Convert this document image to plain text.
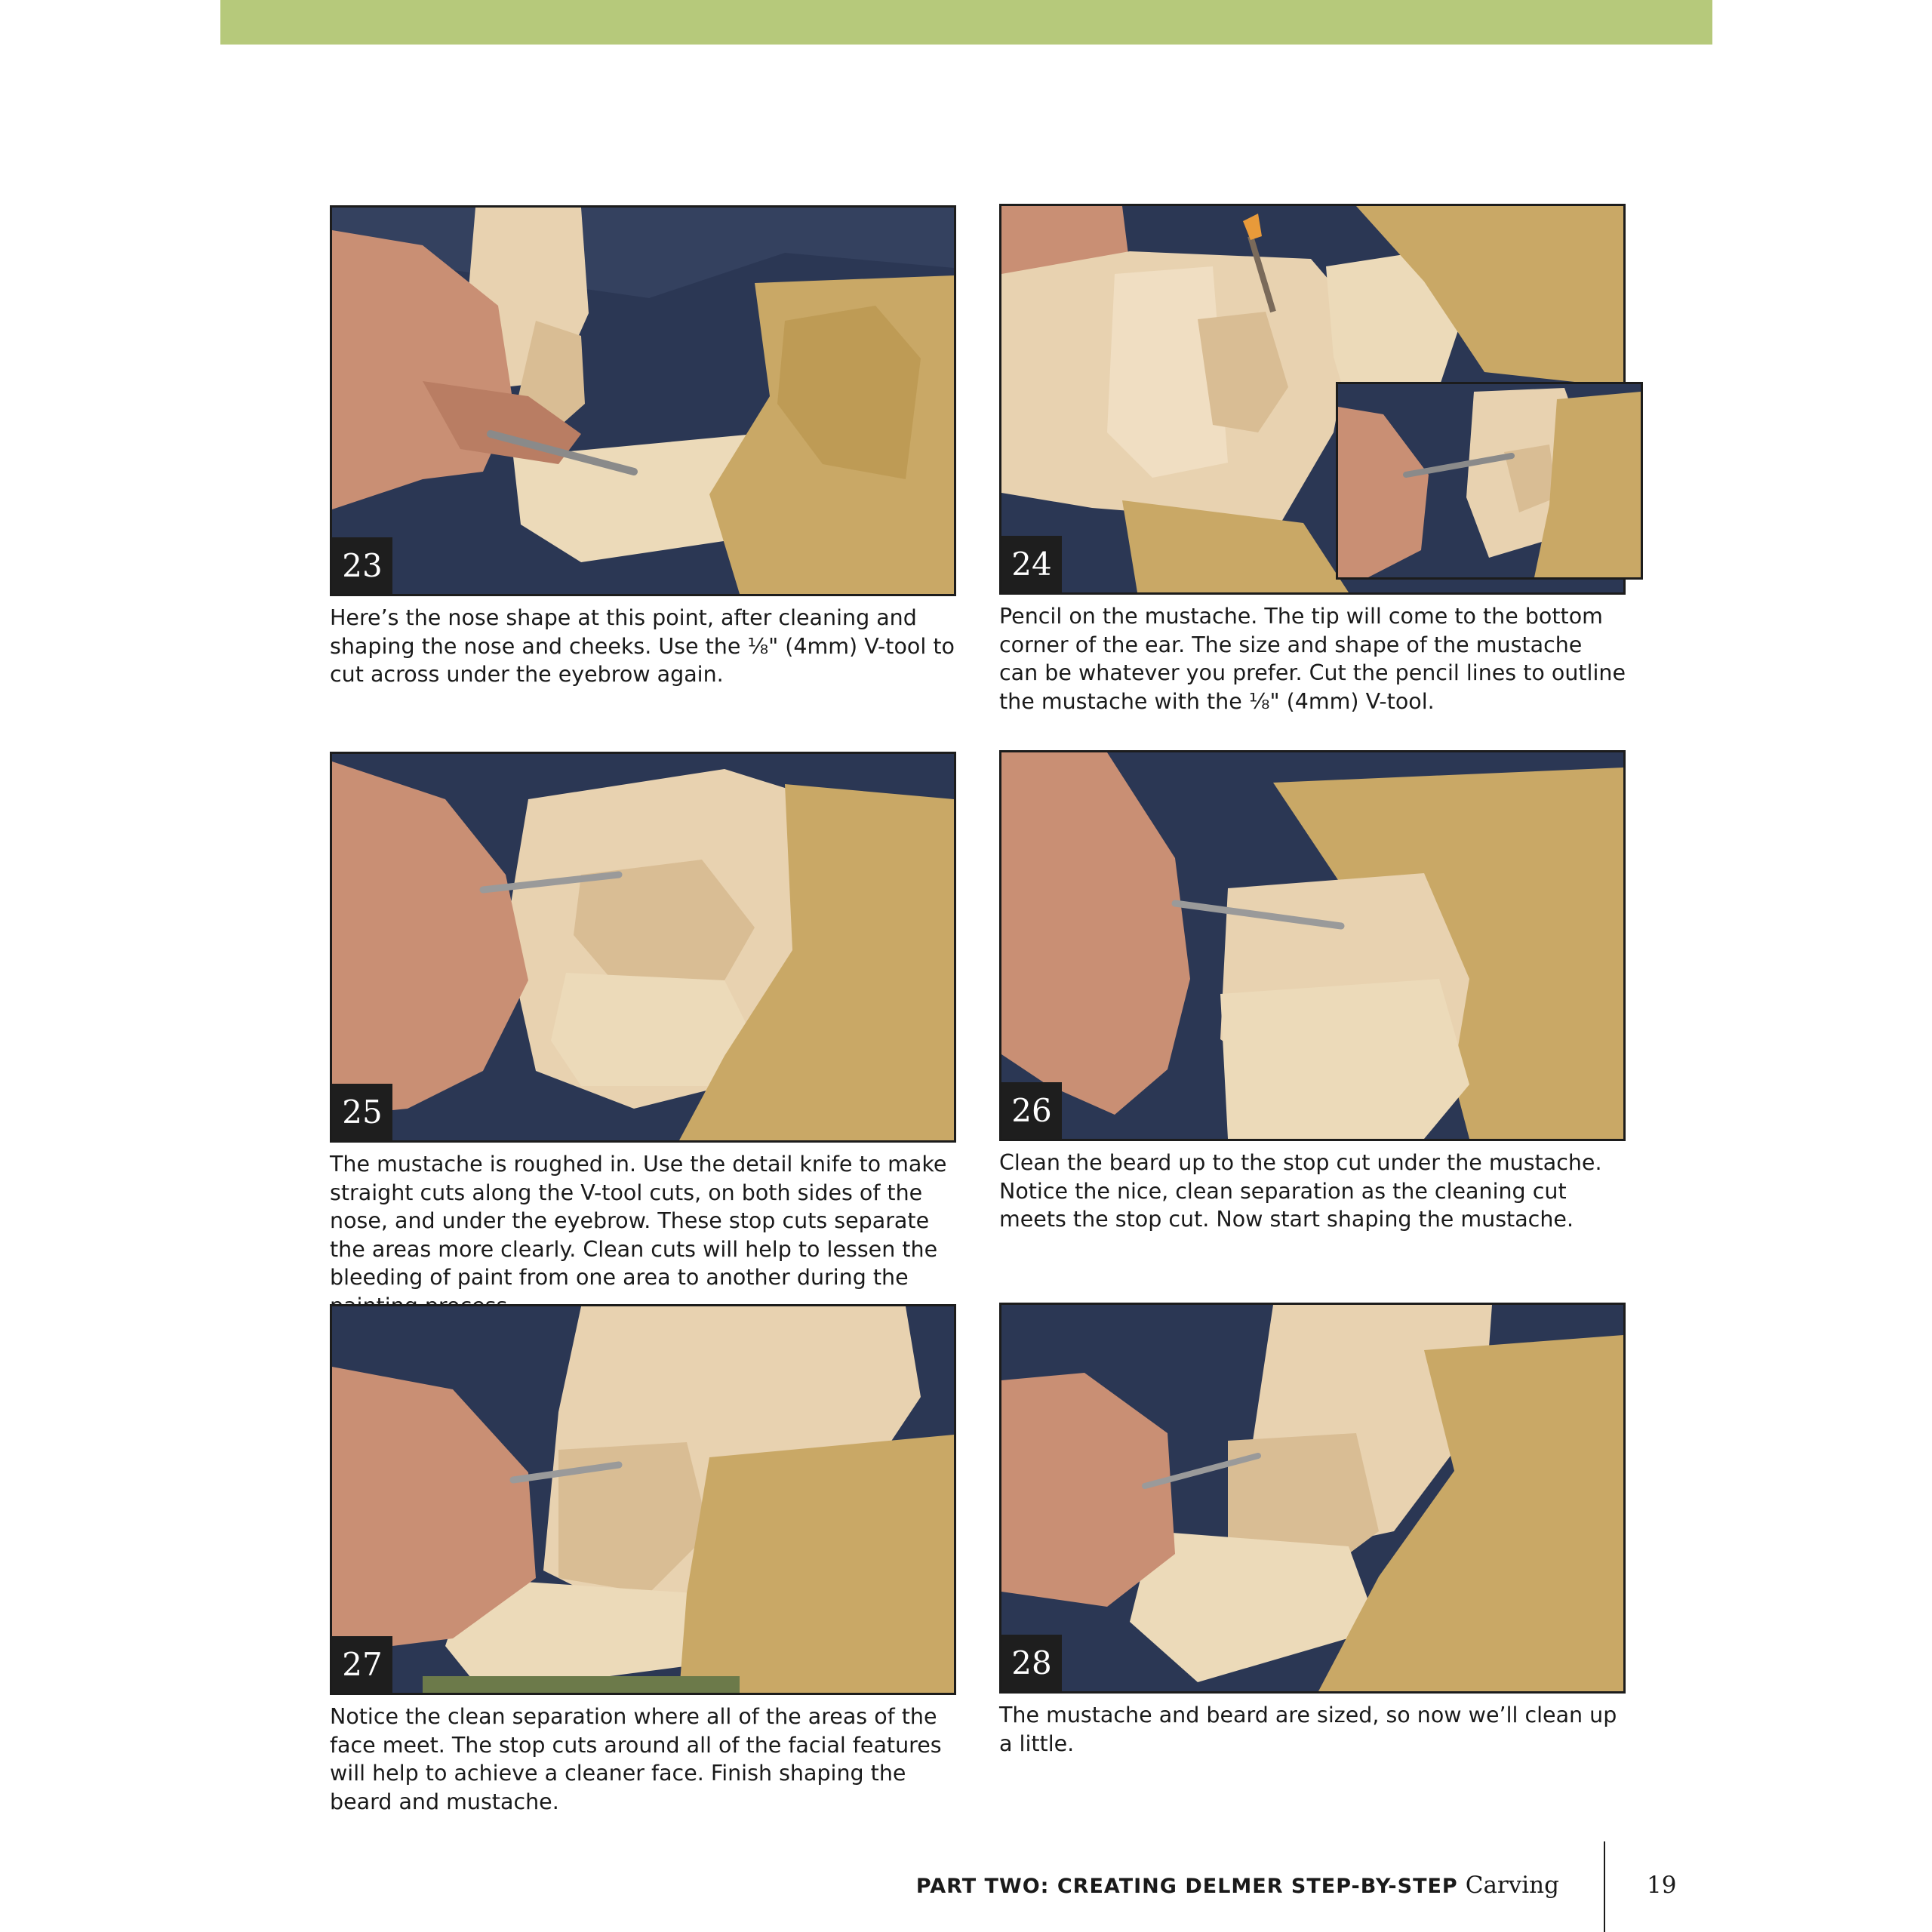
23

Here’s the nose shape at this point, after cleaning and shaping the nose and cheeks. Use the ⅛" (4mm) V-tool to cut across under the eyebrow again.

24

Pencil on the mustache. The tip will come to the bottom corner of the ear. The size and shape of the mustache can be whatever you prefer. Cut the pencil lines to outline the mustache with the ⅛" (4mm) V-tool.

25

The mustache is roughed in. Use the detail knife to make straight cuts along the V-tool cuts, on both sides of the nose, and under the eyebrow. These stop cuts separate the areas more clearly. Clean cuts will help to lessen the bleeding of paint from one area to another during the

26

Clean the beard up to the stop cut under the mustache. Notice the nice, clean separation as the cleaning cut meets the stop cut. Now start shaping the mustache.

27

Notice the clean separation where all of the areas of the face meet. The stop cuts around all of the facial features will help to achieve a cleaner face. Finish shaping the beard and mustache.

28

The mustache and beard are sized, so now we’ll clean up a little.

PART TWO: CREATING DELMER STEP-BY-STEP Carving	19
